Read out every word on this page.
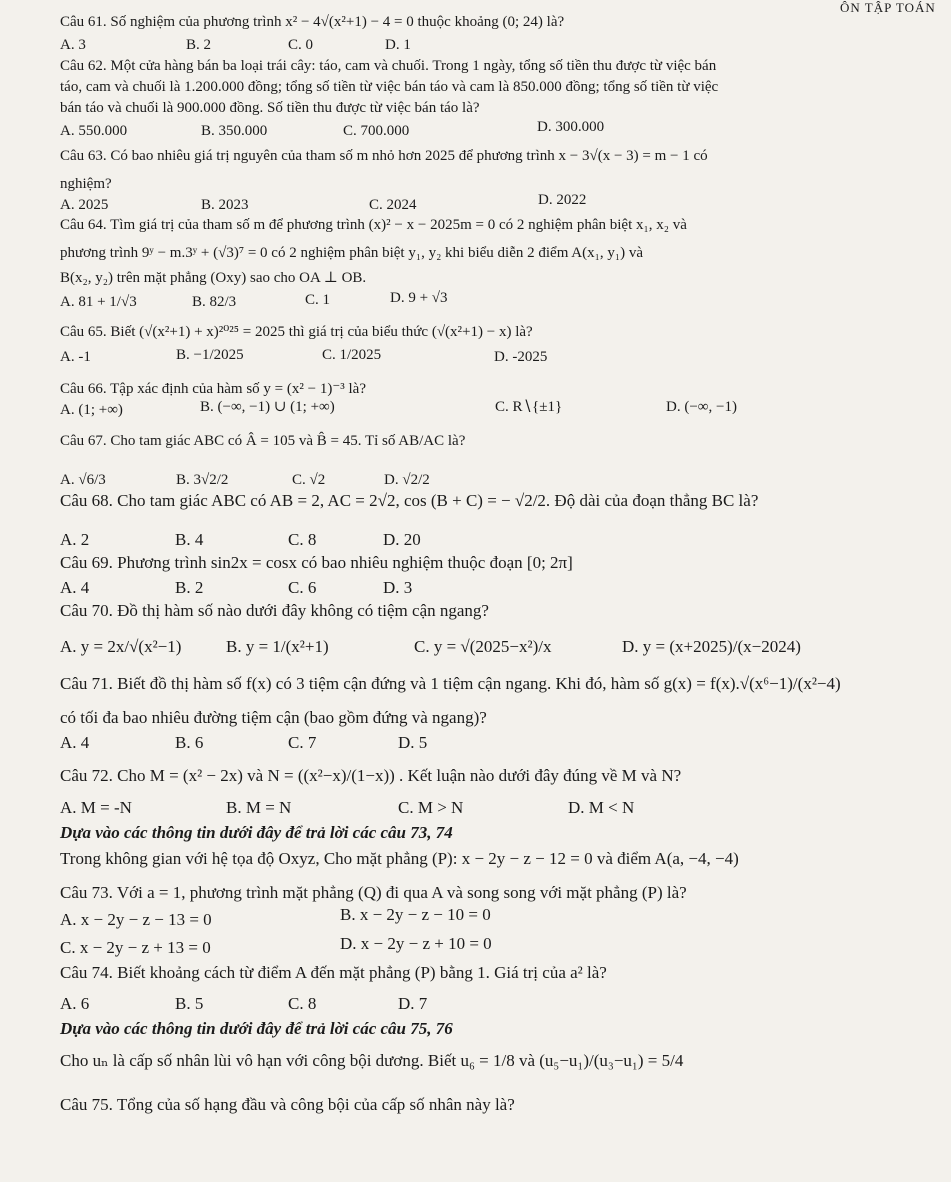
ÔN TẬP TOÁN
Câu 61. Số nghiệm của phương trình x² − 4√(x²+1) − 4 = 0 thuộc khoảng (0; 24) là?
A. 3	B. 2	C. 0	D. 1
Câu 62. Một cửa hàng bán ba loại trái cây: táo, cam và chuối. Trong 1 ngày, tổng số tiền thu được từ việc bán
táo, cam và chuối là 1.200.000 đồng; tổng số tiền từ việc bán táo và cam là 850.000 đồng; tổng số tiền từ việc
bán táo và chuối là 900.000 đồng. Số tiền thu được từ việc bán táo là?
A. 550.000	B. 350.000	C. 700.000	D. 300.000
Câu 63. Có bao nhiêu giá trị nguyên của tham số m nhỏ hơn 2025 để phương trình x − 3√(x − 3) = m − 1 có
nghiệm?
A. 2025	B. 2023	C. 2024	D. 2022
Câu 64. Tìm giá trị của tham số m để phương trình (x)² − x − 2025m = 0 có 2 nghiệm phân biệt x₁, x₂ và
phương trình 9ʸ − m.3ʸ + (√3)⁷ = 0 có 2 nghiệm phân biệt y₁, y₂ khi biểu diễn 2 điểm A(x₁, y₁) và
B(x₂, y₂) trên mặt phẳng (Oxy) sao cho OA ⊥ OB.
A. 81 + 1/√3	B. 82/3	C. 1	D. 9 + √3
Câu 65. Biết (√(x²+1) + x)²⁰²⁵ = 2025 thì giá trị của biểu thức (√(x²+1) − x) là?
A. -1	B. −1/2025	C. 1/2025	D. -2025
Câu 66. Tập xác định của hàm số y = (x² − 1)⁻³ là?
A. (1; +∞)	B. (−∞, −1) ∪ (1; +∞)	C. R∖{±1}	D. (−∞, −1)
Câu 67. Cho tam giác ABC có Â = 105 và B̂ = 45. Tỉ số AB/AC là?
A. √6/3	B. 3√2/2	C. √2	D. √2/2
Câu 68. Cho tam giác ABC có AB = 2, AC = 2√2, cos (B + C) = − √2/2. Độ dài của đoạn thẳng BC là?
A. 2	B. 4	C. 8	D. 20
Câu 69. Phương trình sin2x = cosx có bao nhiêu nghiệm thuộc đoạn [0; 2π]
A. 4	B. 2	C. 6	D. 3
Câu 70. Đồ thị hàm số nào dưới đây không có tiệm cận ngang?
A. y = 2x/√(x²−1)	B. y = 1/(x²+1)	C. y = √(2025−x²)/x	D. y = (x+2025)/(x−2024)
Câu 71. Biết đồ thị hàm số f(x) có 3 tiệm cận đứng và 1 tiệm cận ngang. Khi đó, hàm số g(x) = f(x).√(x⁶−1)/(x²−4)
có tối đa bao nhiêu đường tiệm cận (bao gồm đứng và ngang)?
A. 4	B. 6	C. 7	D. 5
Câu 72. Cho M = (x² − 2x) và N = ((x²−x)/(1−x)) . Kết luận nào dưới đây đúng về M và N?
A. M = -N	B. M = N	C. M > N	D. M < N
Dựa vào các thông tin dưới đây để trả lời các câu 73, 74
Trong không gian với hệ tọa độ Oxyz, Cho mặt phẳng (P): x − 2y − z − 12 = 0 và điểm A(a, −4, −4)
Câu 73. Với a = 1, phương trình mặt phẳng (Q) đi qua A và song song với mặt phẳng (P) là?
A. x − 2y − z − 13 = 0	B. x − 2y − z − 10 = 0
C. x − 2y − z + 13 = 0	D. x − 2y − z + 10 = 0
Câu 74. Biết khoảng cách từ điểm A đến mặt phẳng (P) bằng 1. Giá trị của a² là?
A. 6	B. 5	C. 8	D. 7
Dựa vào các thông tin dưới đây để trả lời các câu 75, 76
Cho uₙ là cấp số nhân lùi vô hạn với công bội dương. Biết u₆ = 1/8 và (u₅−u₁)/(u₃−u₁) = 5/4
Câu 75. Tổng của số hạng đầu và công bội của cấp số nhân này là?
